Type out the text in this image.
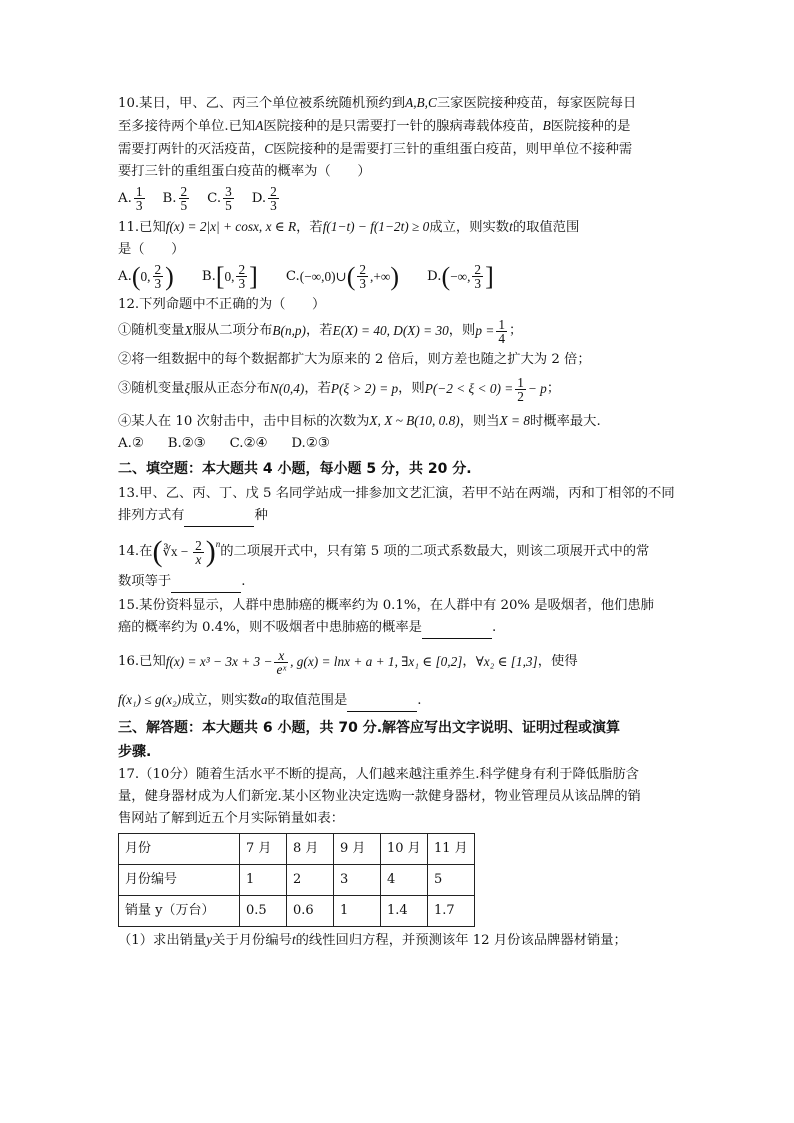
10.某日，甲、乙、丙三个单位被系统随机预约到A,B,C三家医院接种疫苗，每家医院每日

至多接待两个单位.已知A医院接种的是只需要打一针的腺病毒载体疫苗，B医院接种的是

需要打两针的灭活疫苗，C医院接种的是需要打三针的重组蛋白疫苗，则甲单位不接种需

要打三针的重组蛋白疫苗的概率为（　　）

A. $\frac{1}{3} B$. $\frac{2}{5} C$. $\frac{3}{5} D$. $\frac{2}{3}$

11.已知f(x) = 2|x| + cosx, x ∈ R，若f(1−t) − f(1−2t) ≥ 0成立，则实数t的取值范围

是（　　）

A. ( 0, $\frac{2}{3}$ ) B. [ 0, $\frac{2}{3}$ ] C. (−∞,0)∪ ( $\frac{2}{3}$ , +∞ ) D. ( −∞, $\frac{2}{3}$ ]

12.下列命题中不正确的为（　　）

①随机变量 X 服从二项分布 B(n,p) ，若 E(X) = 40, D(X) = 30 ，则 $p = \frac{1}{4}$ ；

②将一组数据中的每个数据都扩大为原来的 2 倍后，则方差也随之扩大为 2 倍；

③随机变量 ξ 服从正态分布 N(0,4) ，若 P(ξ > 2) = p ，则 $P(-2 < \xi < 0) = \frac{1}{2} - p$ ；

④某人在 10 次射击中，击中目标的次数为X, X ~ B(10, 0.8)，则当X = 8时概率最大.

A.② B.②③ C.②④ D.②③

二、填空题：本大题共 4 小题，每小题 5 分，共 20 分.

13.甲、乙、丙、丁、戊 5 名同学站成一排参加文艺汇演，若甲不站在两端，丙和丁相邻的不同

排列方式有	种

14.在 ( ∛x − $\frac{2}{x} )^n$ 的二项展开式中，只有第 5 项的二项式系数最大，则该二项展开式中的常

数项等于	.

15.某份资料显示，人群中患肺癌的概率约为 0.1%，在人群中有 20% 是吸烟者，他们患肺

癌的概率约为 0.4%，则不吸烟者中患肺癌的概率是	.

16.已知 $f(x) = x^3 - 3x + 3 - \frac{x}{\text{eˣ}}$ , g(x) = lnx + a + 1, ∃x₁ ∈ [0,2] ， ∀x₂ ∈ [1,3] ，使得

f(x₁) ≤ g(x₂)成立，则实数a的取值范围是	.

三、解答题：本大题共 6 小题，共 70 分.解答应写出文字说明、证明过程或演算

步骤.

17.（10分）随着生活水平不断的提高，人们越来越注重养生.科学健身有利于降低脂肪含

量，健身器材成为人们新宠.某小区物业决定选购一款健身器材，物业管理员从该品牌的销

售网站了解到近五个月实际销量如表：

月份	7 月	8 月	9 月	10 月	11 月
月份编号	1	2	3	4	5
销量 y（万台）	0.5	0.6	1	1.4	1.7

（1）求出销量y关于月份编号t的线性回归方程，并预测该年 12 月份该品牌器材销量；
